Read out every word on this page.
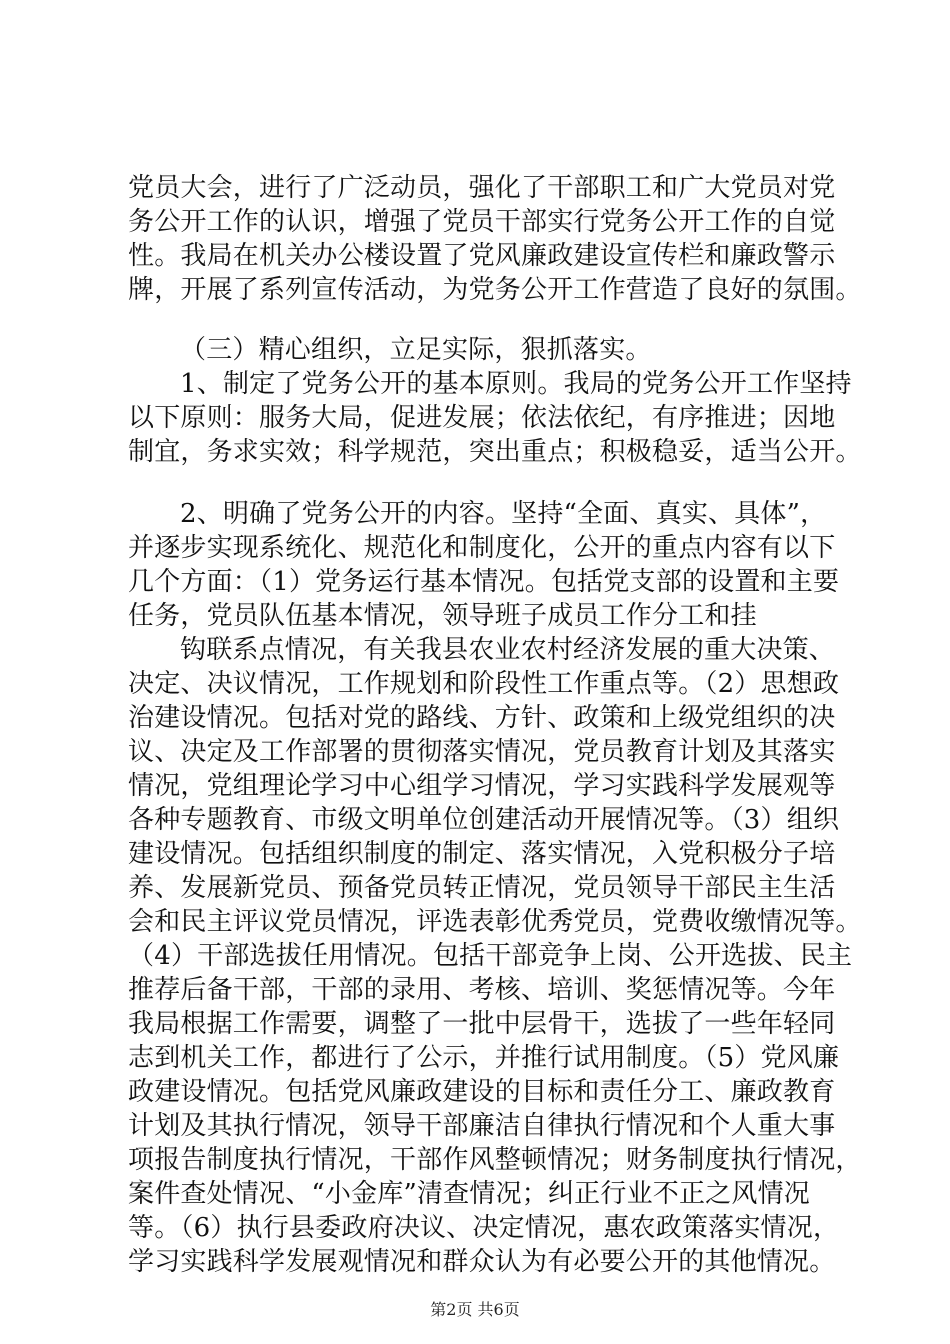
党员大会，进行了广泛动员，强化了干部职工和广大党员对党
务公开工作的认识，增强了党员干部实行党务公开工作的自觉
性。我局在机关办公楼设置了党风廉政建设宣传栏和廉政警示
牌，开展了系列宣传活动，为党务公开工作营造了良好的氛围。
（三）精心组织，立足实际，狠抓落实。
1、制定了党务公开的基本原则。我局的党务公开工作坚持
以下原则：服务大局，促进发展；依法依纪，有序推进；因地
制宜，务求实效；科学规范，突出重点；积极稳妥，适当公开。
2、明确了党务公开的内容。坚持“全面、真实、具体”，
并逐步实现系统化、规范化和制度化，公开的重点内容有以下
几个方面：（1）党务运行基本情况。包括党支部的设置和主要
任务，党员队伍基本情况，领导班子成员工作分工和挂
钩联系点情况，有关我县农业农村经济发展的重大决策、
决定、决议情况，工作规划和阶段性工作重点等。（2）思想政
治建设情况。包括对党的路线、方针、政策和上级党组织的决
议、决定及工作部署的贯彻落实情况，党员教育计划及其落实
情况，党组理论学习中心组学习情况，学习实践科学发展观等
各种专题教育、市级文明单位创建活动开展情况等。（3）组织
建设情况。包括组织制度的制定、落实情况，入党积极分子培
养、发展新党员、预备党员转正情况，党员领导干部民主生活
会和民主评议党员情况，评选表彰优秀党员，党费收缴情况等。
（4）干部选拔任用情况。包括干部竞争上岗、公开选拔、民主
推荐后备干部，干部的录用、考核、培训、奖惩情况等。今年
我局根据工作需要，调整了一批中层骨干，选拔了一些年轻同
志到机关工作，都进行了公示，并推行试用制度。（5）党风廉
政建设情况。包括党风廉政建设的目标和责任分工、廉政教育
计划及其执行情况，领导干部廉洁自律执行情况和个人重大事
项报告制度执行情况，干部作风整顿情况；财务制度执行情况，
案件查处情况、“小金库”清查情况；纠正行业不正之风情况
等。（6）执行县委政府决议、决定情况，惠农政策落实情况，
学习实践科学发展观情况和群众认为有必要公开的其他情况。
第2页 共6页
